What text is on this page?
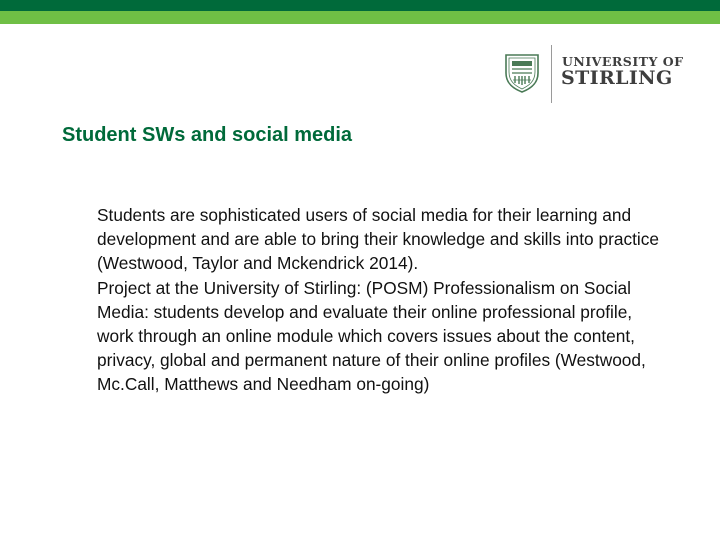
UNIVERSITY OF
STIRLING
Student SWs and social media

Students are sophisticated users of social media for their learning and development and are able to bring their knowledge and skills into practice (Westwood, Taylor and Mckendrick 2014).

Project at the University of Stirling: (POSM) Professionalism on Social Media: students develop and evaluate their online professional profile, work through an online module which covers issues about the content, privacy, global and permanent nature of their online profiles (Westwood, Mc.Call, Matthews and Needham on-going)
